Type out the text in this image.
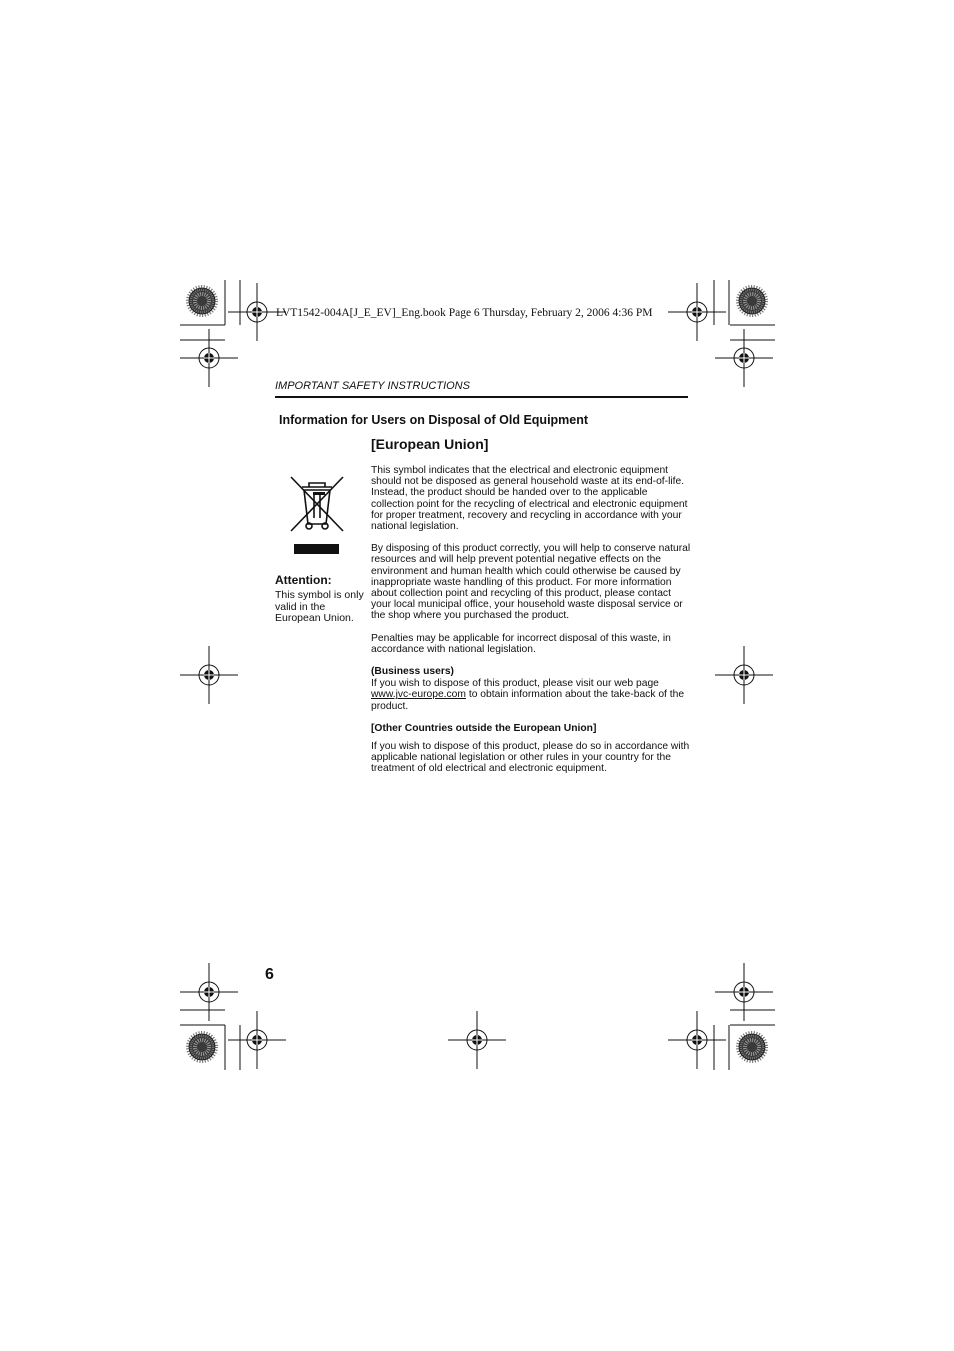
LVT1542-004A[J_E_EV]_Eng.book Page 6 Thursday, February 2, 2006 4:36 PM
IMPORTANT SAFETY INSTRUCTIONS
Information for Users on Disposal of Old Equipment
[European Union]
Attention:
This symbol is only valid in the European Union.

This symbol indicates that the electrical and electronic equipment should not be disposed as general household waste at its end-of-life. Instead, the product should be handed over to the applicable collection point for the recycling of electrical and electronic equipment for proper treatment, recovery and recycling in accordance with your national legislation.

By disposing of this product correctly, you will help to conserve natural resources and will help prevent potential negative effects on the environment and human health which could otherwise be caused by inappropriate waste handling of this product. For more information about collection point and recycling of this product, please contact your local municipal office, your household waste disposal service or the shop where you purchased the product.

Penalties may be applicable for incorrect disposal of this waste, in accordance with national legislation.

(Business users)

If you wish to dispose of this product, please visit our web page www.jvc-europe.com to obtain information about the take-back of the product.

[Other Countries outside the European Union]

If you wish to dispose of this product, please do so in accordance with applicable national legislation or other rules in your country for the treatment of old electrical and electronic equipment.

6
